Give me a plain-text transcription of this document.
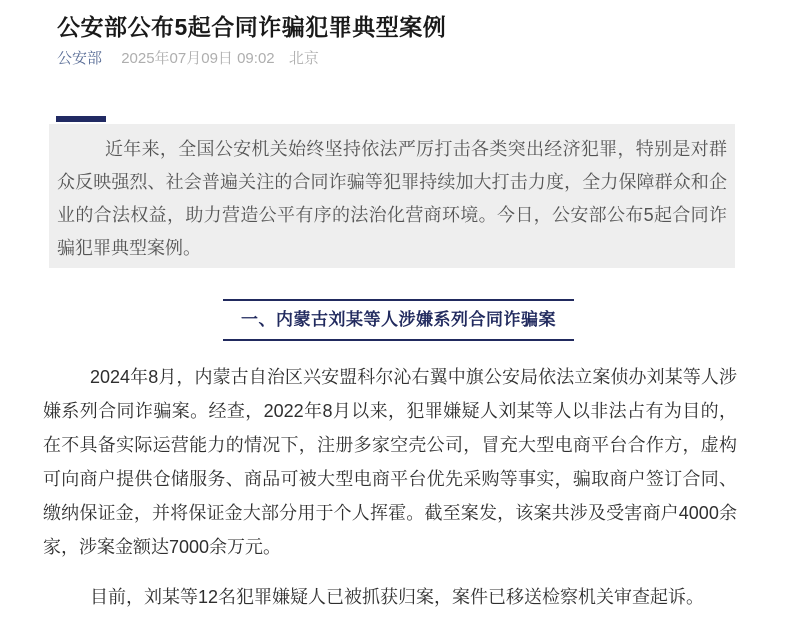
公安部公布5起合同诈骗犯罪典型案例
公安部 2025年07月09日 09:02 北京

近年来，全国公安机关始终坚持依法严厉打击各类突出经济犯罪，特别是对群众反映强烈、社会普遍关注的合同诈骗等犯罪持续加大打击力度，全力保障群众和企业的合法权益，助力营造公平有序的法治化营商环境。今日，公安部公布5起合同诈骗犯罪典型案例。

一、内蒙古刘某等人涉嫌系列合同诈骗案

2024年8月，内蒙古自治区兴安盟科尔沁右翼中旗公安局依法立案侦办刘某等人涉嫌系列合同诈骗案。经查，2022年8月以来，犯罪嫌疑人刘某等人以非法占有为目的，在不具备实际运营能力的情况下，注册多家空壳公司，冒充大型电商平台合作方，虚构可向商户提供仓储服务、商品可被大型电商平台优先采购等事实，骗取商户签订合同、缴纳保证金，并将保证金大部分用于个人挥霍。截至案发，该案共涉及受害商户4000余家，涉案金额达7000余万元。

目前，刘某等12名犯罪嫌疑人已被抓获归案，案件已移送检察机关审查起诉。
